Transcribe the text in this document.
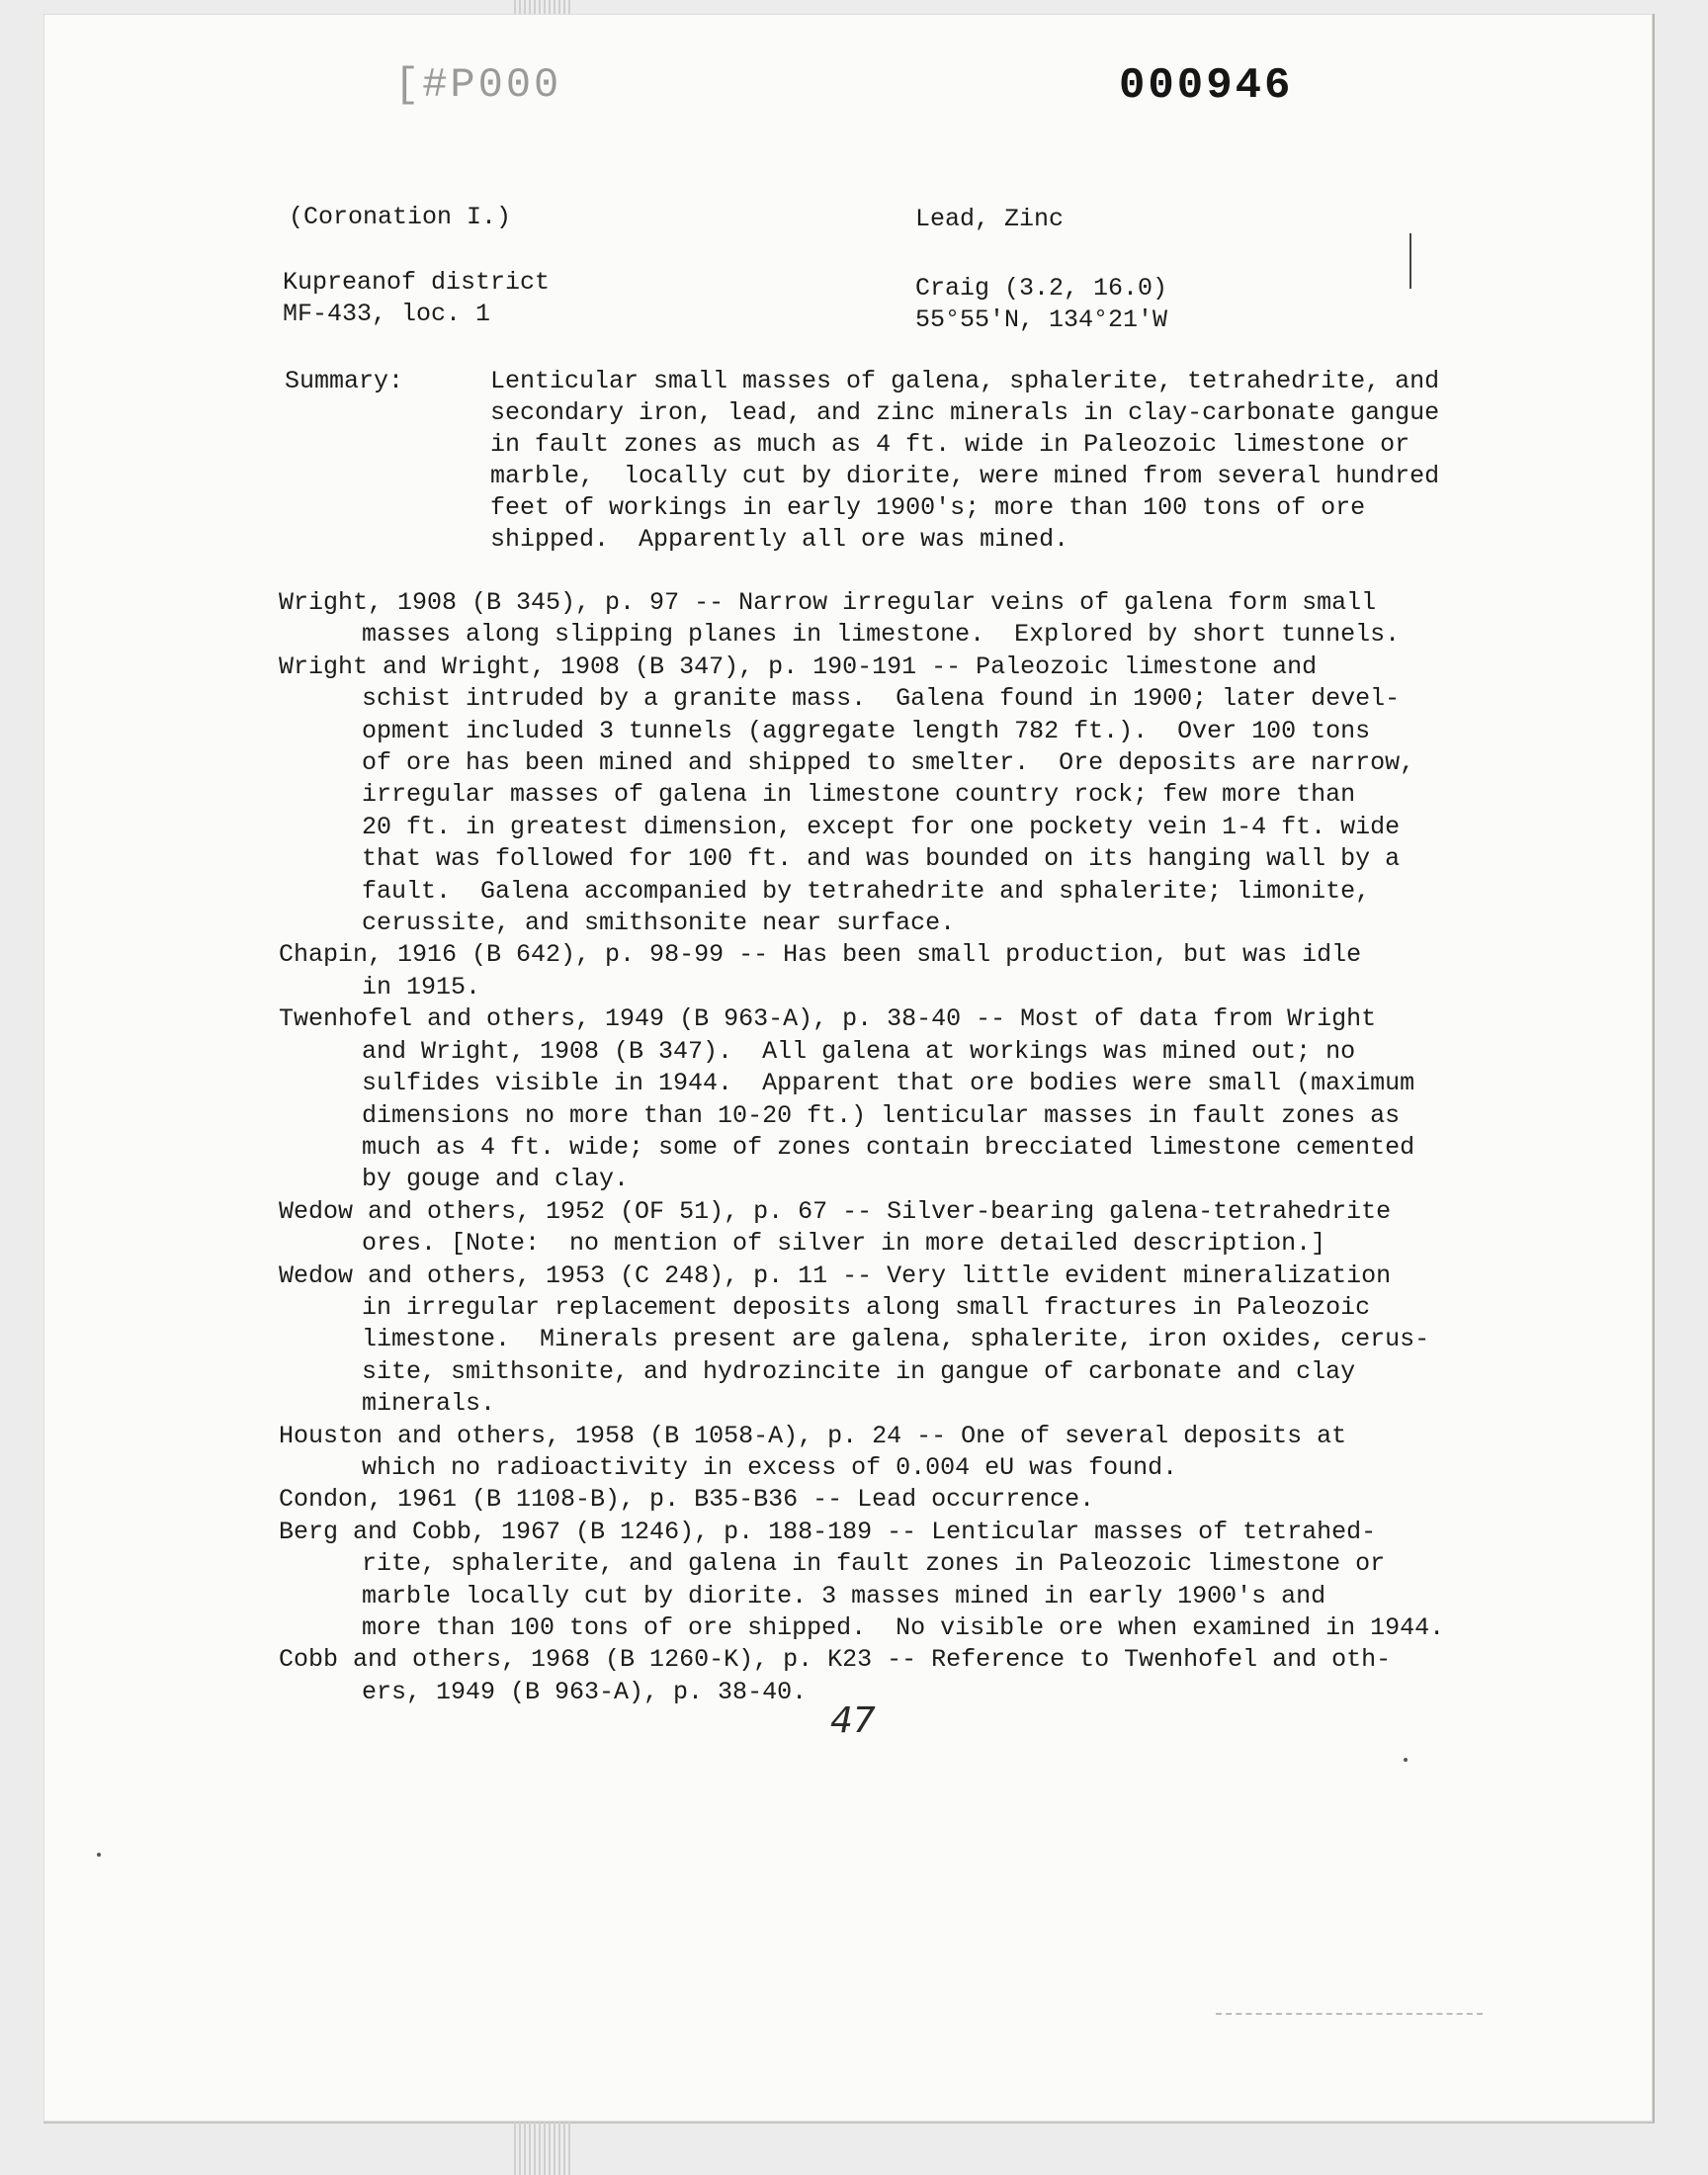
[#P000	000946
(Coronation I.)	Lead, Zinc
Kupreanof district
MF-433, loc. 1
Craig (3.2, 16.0)
55°55'N, 134°21'W
Summary:	Lenticular small masses of galena, sphalerite, tetrahedrite, and
secondary iron, lead, and zinc minerals in clay-carbonate gangue
in fault zones as much as 4 ft. wide in Paleozoic limestone or
marble,  locally cut by diorite, were mined from several hundred
feet of workings in early 1900's; more than 100 tons of ore
shipped.  Apparently all ore was mined.
Wright, 1908 (B 345), p. 97 -- Narrow irregular veins of galena form small
masses along slipping planes in limestone.  Explored by short tunnels.
Wright and Wright, 1908 (B 347), p. 190-191 -- Paleozoic limestone and
schist intruded by a granite mass.  Galena found in 1900; later devel-
opment included 3 tunnels (aggregate length 782 ft.).  Over 100 tons
of ore has been mined and shipped to smelter.  Ore deposits are narrow,
irregular masses of galena in limestone country rock; few more than
20 ft. in greatest dimension, except for one pockety vein 1-4 ft. wide
that was followed for 100 ft. and was bounded on its hanging wall by a
fault.  Galena accompanied by tetrahedrite and sphalerite; limonite,
cerussite, and smithsonite near surface.
Chapin, 1916 (B 642), p. 98-99 -- Has been small production, but was idle
in 1915.
Twenhofel and others, 1949 (B 963-A), p. 38-40 -- Most of data from Wright
and Wright, 1908 (B 347).  All galena at workings was mined out; no
sulfides visible in 1944.  Apparent that ore bodies were small (maximum
dimensions no more than 10-20 ft.) lenticular masses in fault zones as
much as 4 ft. wide; some of zones contain brecciated limestone cemented
by gouge and clay.
Wedow and others, 1952 (OF 51), p. 67 -- Silver-bearing galena-tetrahedrite
ores. [Note:  no mention of silver in more detailed description.]
Wedow and others, 1953 (C 248), p. 11 -- Very little evident mineralization
in irregular replacement deposits along small fractures in Paleozoic
limestone.  Minerals present are galena, sphalerite, iron oxides, cerus-
site, smithsonite, and hydrozincite in gangue of carbonate and clay
minerals.
Houston and others, 1958 (B 1058-A), p. 24 -- One of several deposits at
which no radioactivity in excess of 0.004 eU was found.
Condon, 1961 (B 1108-B), p. B35-B36 -- Lead occurrence.
Berg and Cobb, 1967 (B 1246), p. 188-189 -- Lenticular masses of tetrahed-
rite, sphalerite, and galena in fault zones in Paleozoic limestone or
marble locally cut by diorite. 3 masses mined in early 1900's and
more than 100 tons of ore shipped.  No visible ore when examined in 1944.
Cobb and others, 1968 (B 1260-K), p. K23 -- Reference to Twenhofel and oth-
ers, 1949 (B 963-A), p. 38-40.
47
